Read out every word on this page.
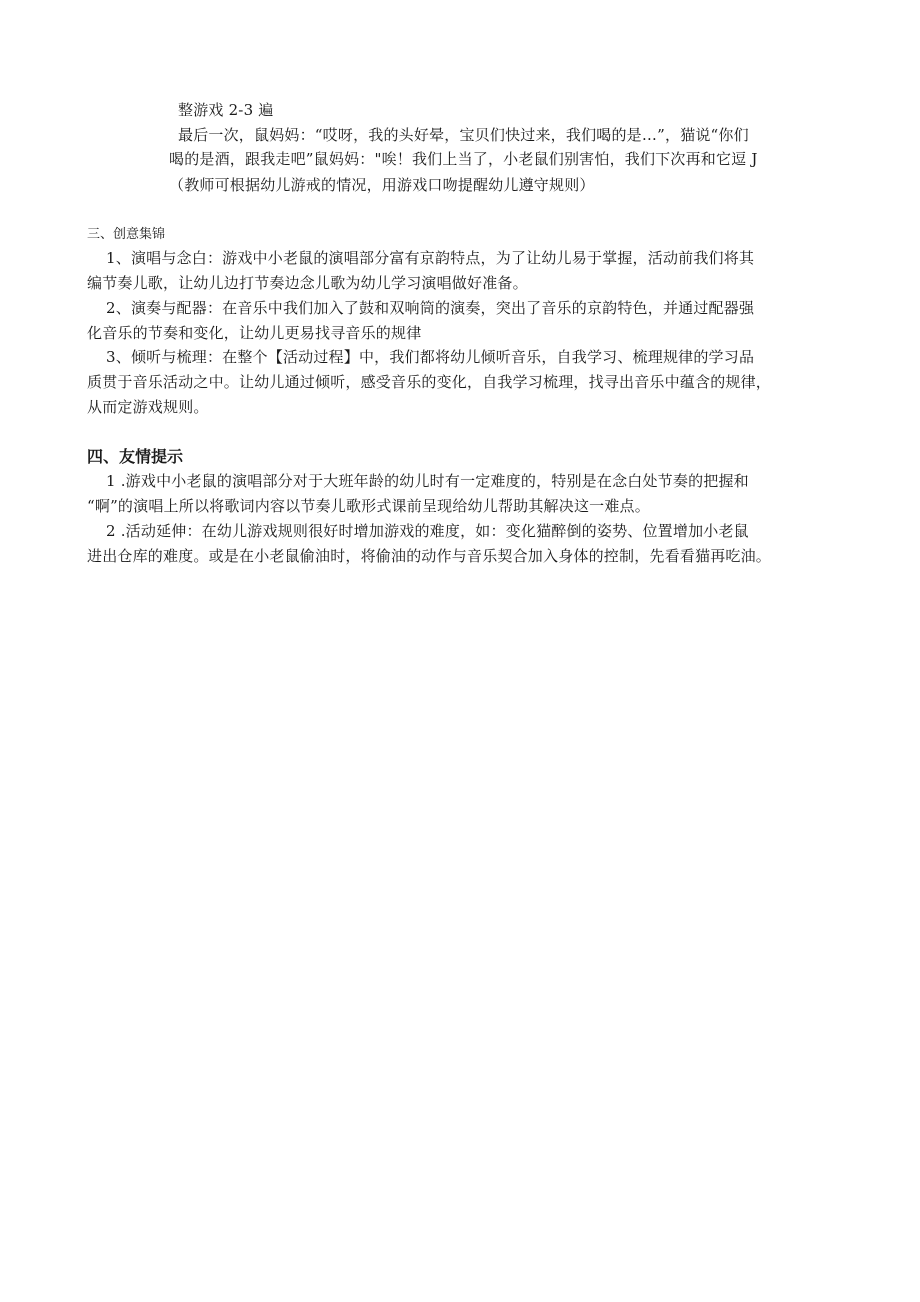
整游戏 2-3 遍
最后一次，鼠妈妈：“哎呀，我的头好晕，宝贝们快过来，我们喝的是…”，猫说“你们
喝的是酒，跟我走吧”鼠妈妈："唉！我们上当了，小老鼠们别害怕，我们下次再和它逗 J
（教师可根据幼儿游戒的情况，用游戏口吻提醒幼儿遵守规则）
三、创意集锦
1、演唱与念白：游戏中小老鼠的演唱部分富有京韵特点，为了让幼儿易于掌握，活动前我们将其
编节奏儿歌，让幼儿边打节奏边念儿歌为幼儿学习演唱做好准备。
2、演奏与配器：在音乐中我们加入了鼓和双响筒的演奏，突出了音乐的京韵特色，并通过配器强
化音乐的节奏和变化，让幼儿更易找寻音乐的规律
3、倾听与梳理：在整个【活动过程】中，我们都将幼儿倾听音乐，自我学习、梳理规律的学习品
质贯于音乐活动之中。让幼儿通过倾听，感受音乐的变化，自我学习梳理，找寻出音乐中蕴含的规律，
从而定游戏规则。
四、友情提示
1 .游戏中小老鼠的演唱部分对于大班年龄的幼儿时有一定难度的，特别是在念白处节奏的把握和
“啊”的演唱上所以将歌词内容以节奏儿歌形式课前呈现给幼儿帮助其解决这一难点。
2 .活动延伸：在幼儿游戏规则很好时增加游戏的难度，如：变化猫醉倒的姿势、位置增加小老鼠
进出仓库的难度。或是在小老鼠偷油时，将偷油的动作与音乐契合加入身体的控制，先看看猫再吃油。
